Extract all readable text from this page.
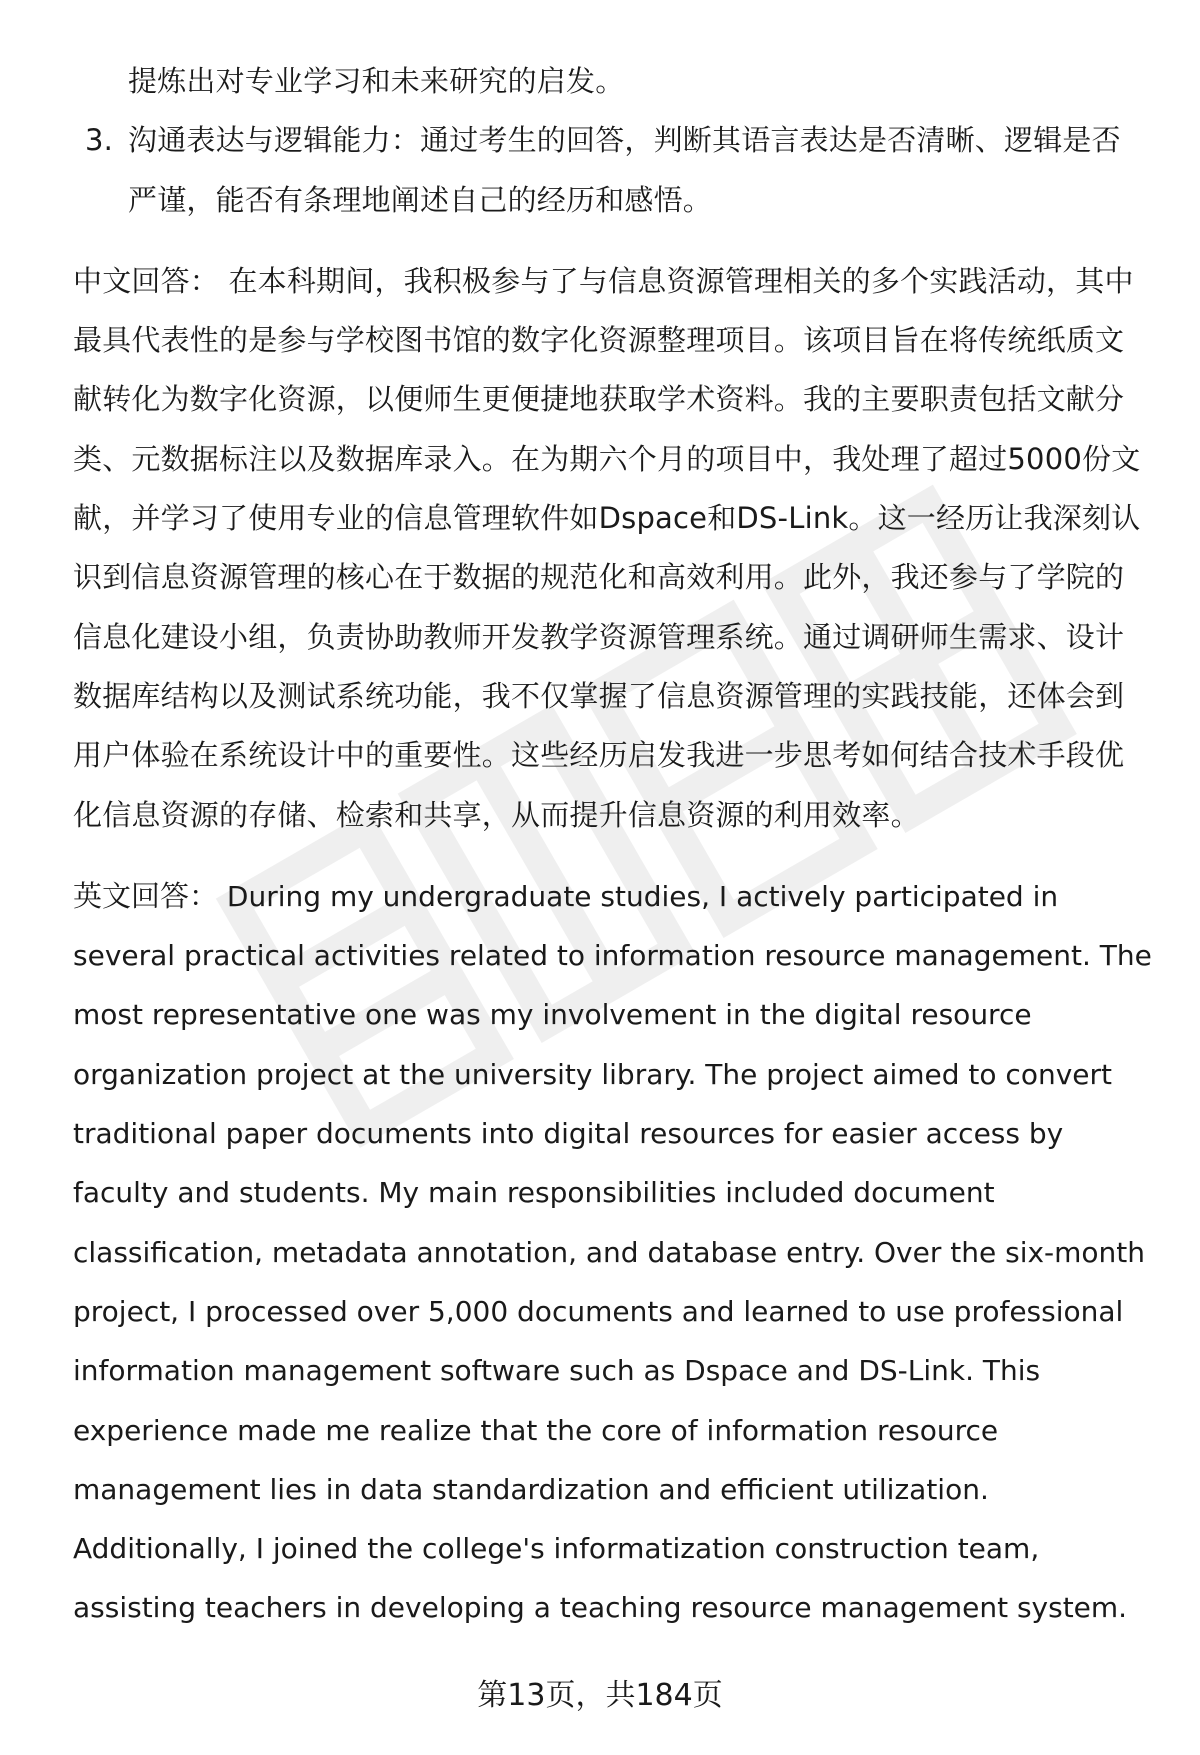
提炼出对专业学习和未来研究的启发。
3. 沟通表达与逻辑能力：通过考生的回答，判断其语言表达是否清晰、逻辑是否
严谨，能否有条理地阐述自己的经历和感悟。
中文回答： 在本科期间，我积极参与了与信息资源管理相关的多个实践活动，其中
最具代表性的是参与学校图书馆的数字化资源整理项目。该项目旨在将传统纸质文
献转化为数字化资源，以便师生更便捷地获取学术资料。我的主要职责包括文献分
类、元数据标注以及数据库录入。在为期六个月的项目中，我处理了超过5000份文
献，并学习了使用专业的信息管理软件如Dspace和DS-Link。这一经历让我深刻认
识到信息资源管理的核心在于数据的规范化和高效利用。此外，我还参与了学院的
信息化建设小组，负责协助教师开发教学资源管理系统。通过调研师生需求、设计
数据库结构以及测试系统功能，我不仅掌握了信息资源管理的实践技能，还体会到
用户体验在系统设计中的重要性。这些经历启发我进一步思考如何结合技术手段优
化信息资源的存储、检索和共享，从而提升信息资源的利用效率。
英文回答： During my undergraduate studies, I actively participated in
several practical activities related to information resource management. The
most representative one was my involvement in the digital resource
organization project at the university library. The project aimed to convert
traditional paper documents into digital resources for easier access by
faculty and students. My main responsibilities included document
classification, metadata annotation, and database entry. Over the six-month
project, I processed over 5,000 documents and learned to use professional
information management software such as Dspace and DS-Link. This
experience made me realize that the core of information resource
management lies in data standardization and efficient utilization.
Additionally, I joined the college's informatization construction team,
assisting teachers in developing a teaching resource management system.
第13页，共184页
